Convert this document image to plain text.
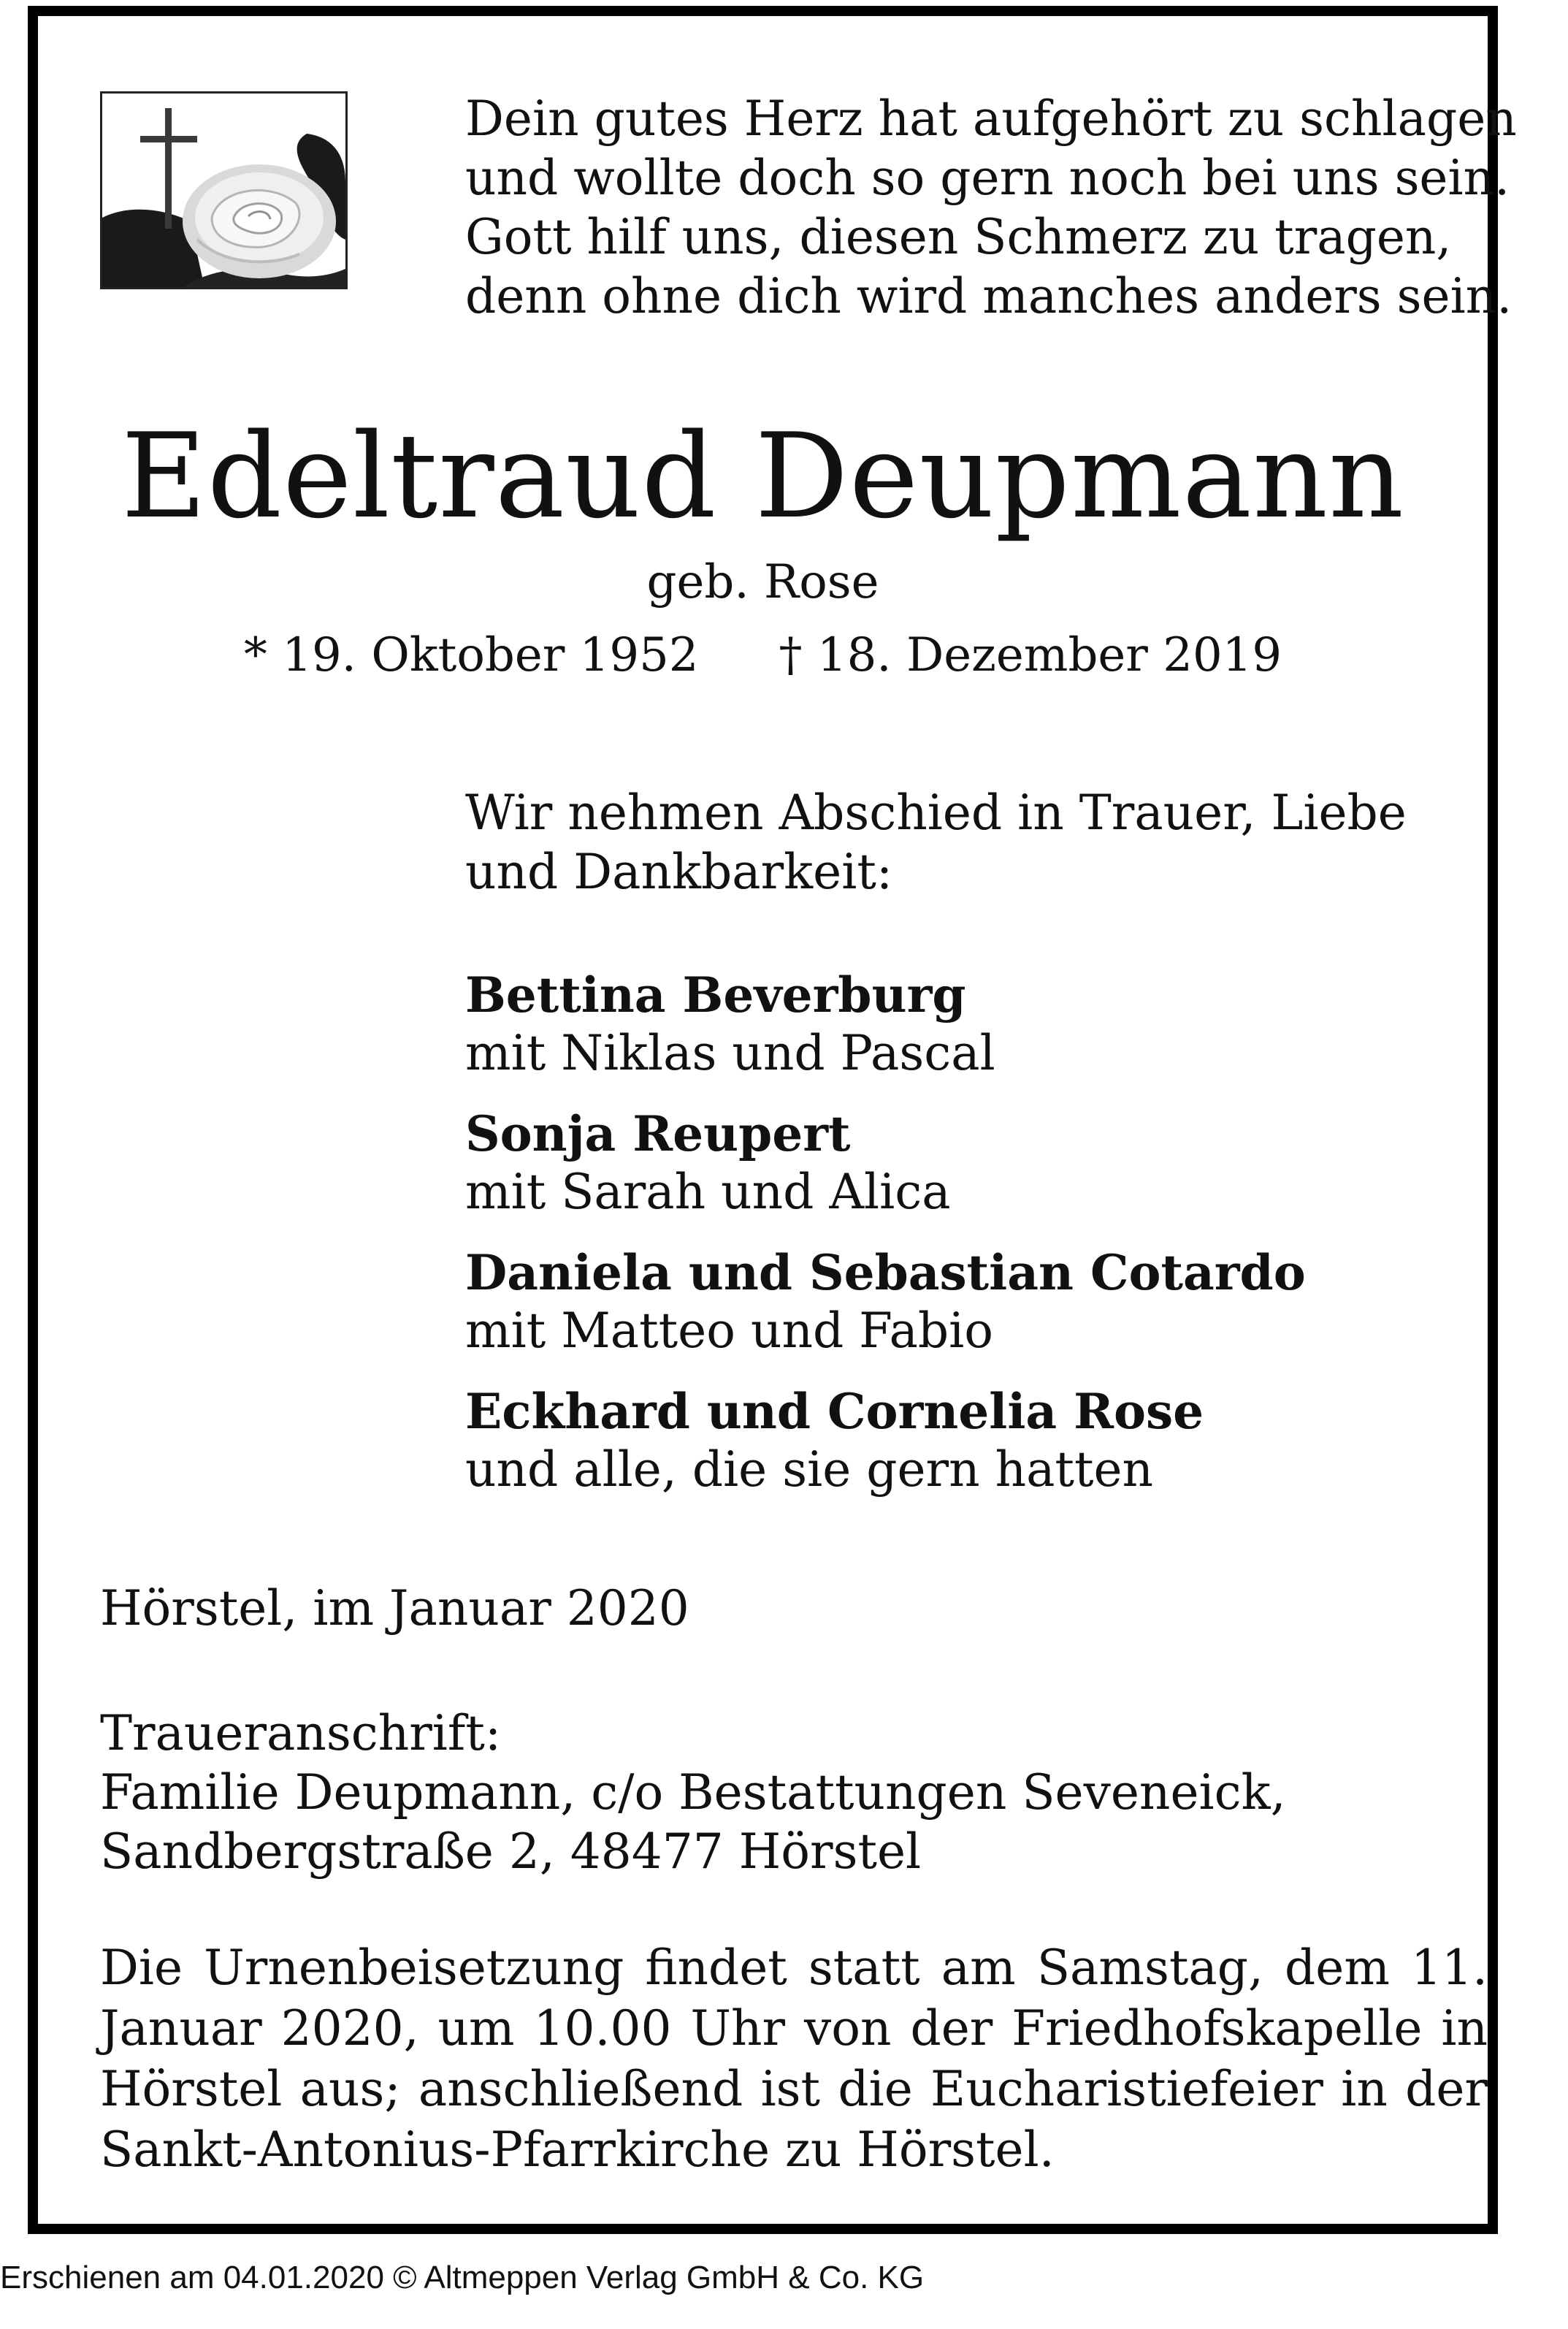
Dein gutes Herz hat aufgehört zu schlagen
und wollte doch so gern noch bei uns sein.
Gott hilf uns, diesen Schmerz zu tragen,
denn ohne dich wird manches anders sein.
Edeltraud Deupmann
geb. Rose
* 19. Oktober 1952 † 18. Dezember 2019
Wir nehmen Abschied in Trauer, Liebe
und Dankbarkeit:
Bettina Beverburg
mit Niklas und Pascal
Sonja Reupert
mit Sarah und Alica
Daniela und Sebastian Cotardo
mit Matteo und Fabio
Eckhard und Cornelia Rose
und alle, die sie gern hatten
Hörstel, im Januar 2020
Traueranschrift:
Familie Deupmann, c/o Bestattungen Seveneick,
Sandbergstraße 2, 48477 Hörstel
Die Urnenbeisetzung findet statt am Samstag, dem 11. Januar 2020, um 10.00 Uhr von der Friedhofskapelle in Hörstel aus; anschließend ist die Eucharistiefeier in der Sankt-Antonius-Pfarrkirche zu Hörstel.
Erschienen am 04.01.2020 © Altmeppen Verlag GmbH & Co. KG
